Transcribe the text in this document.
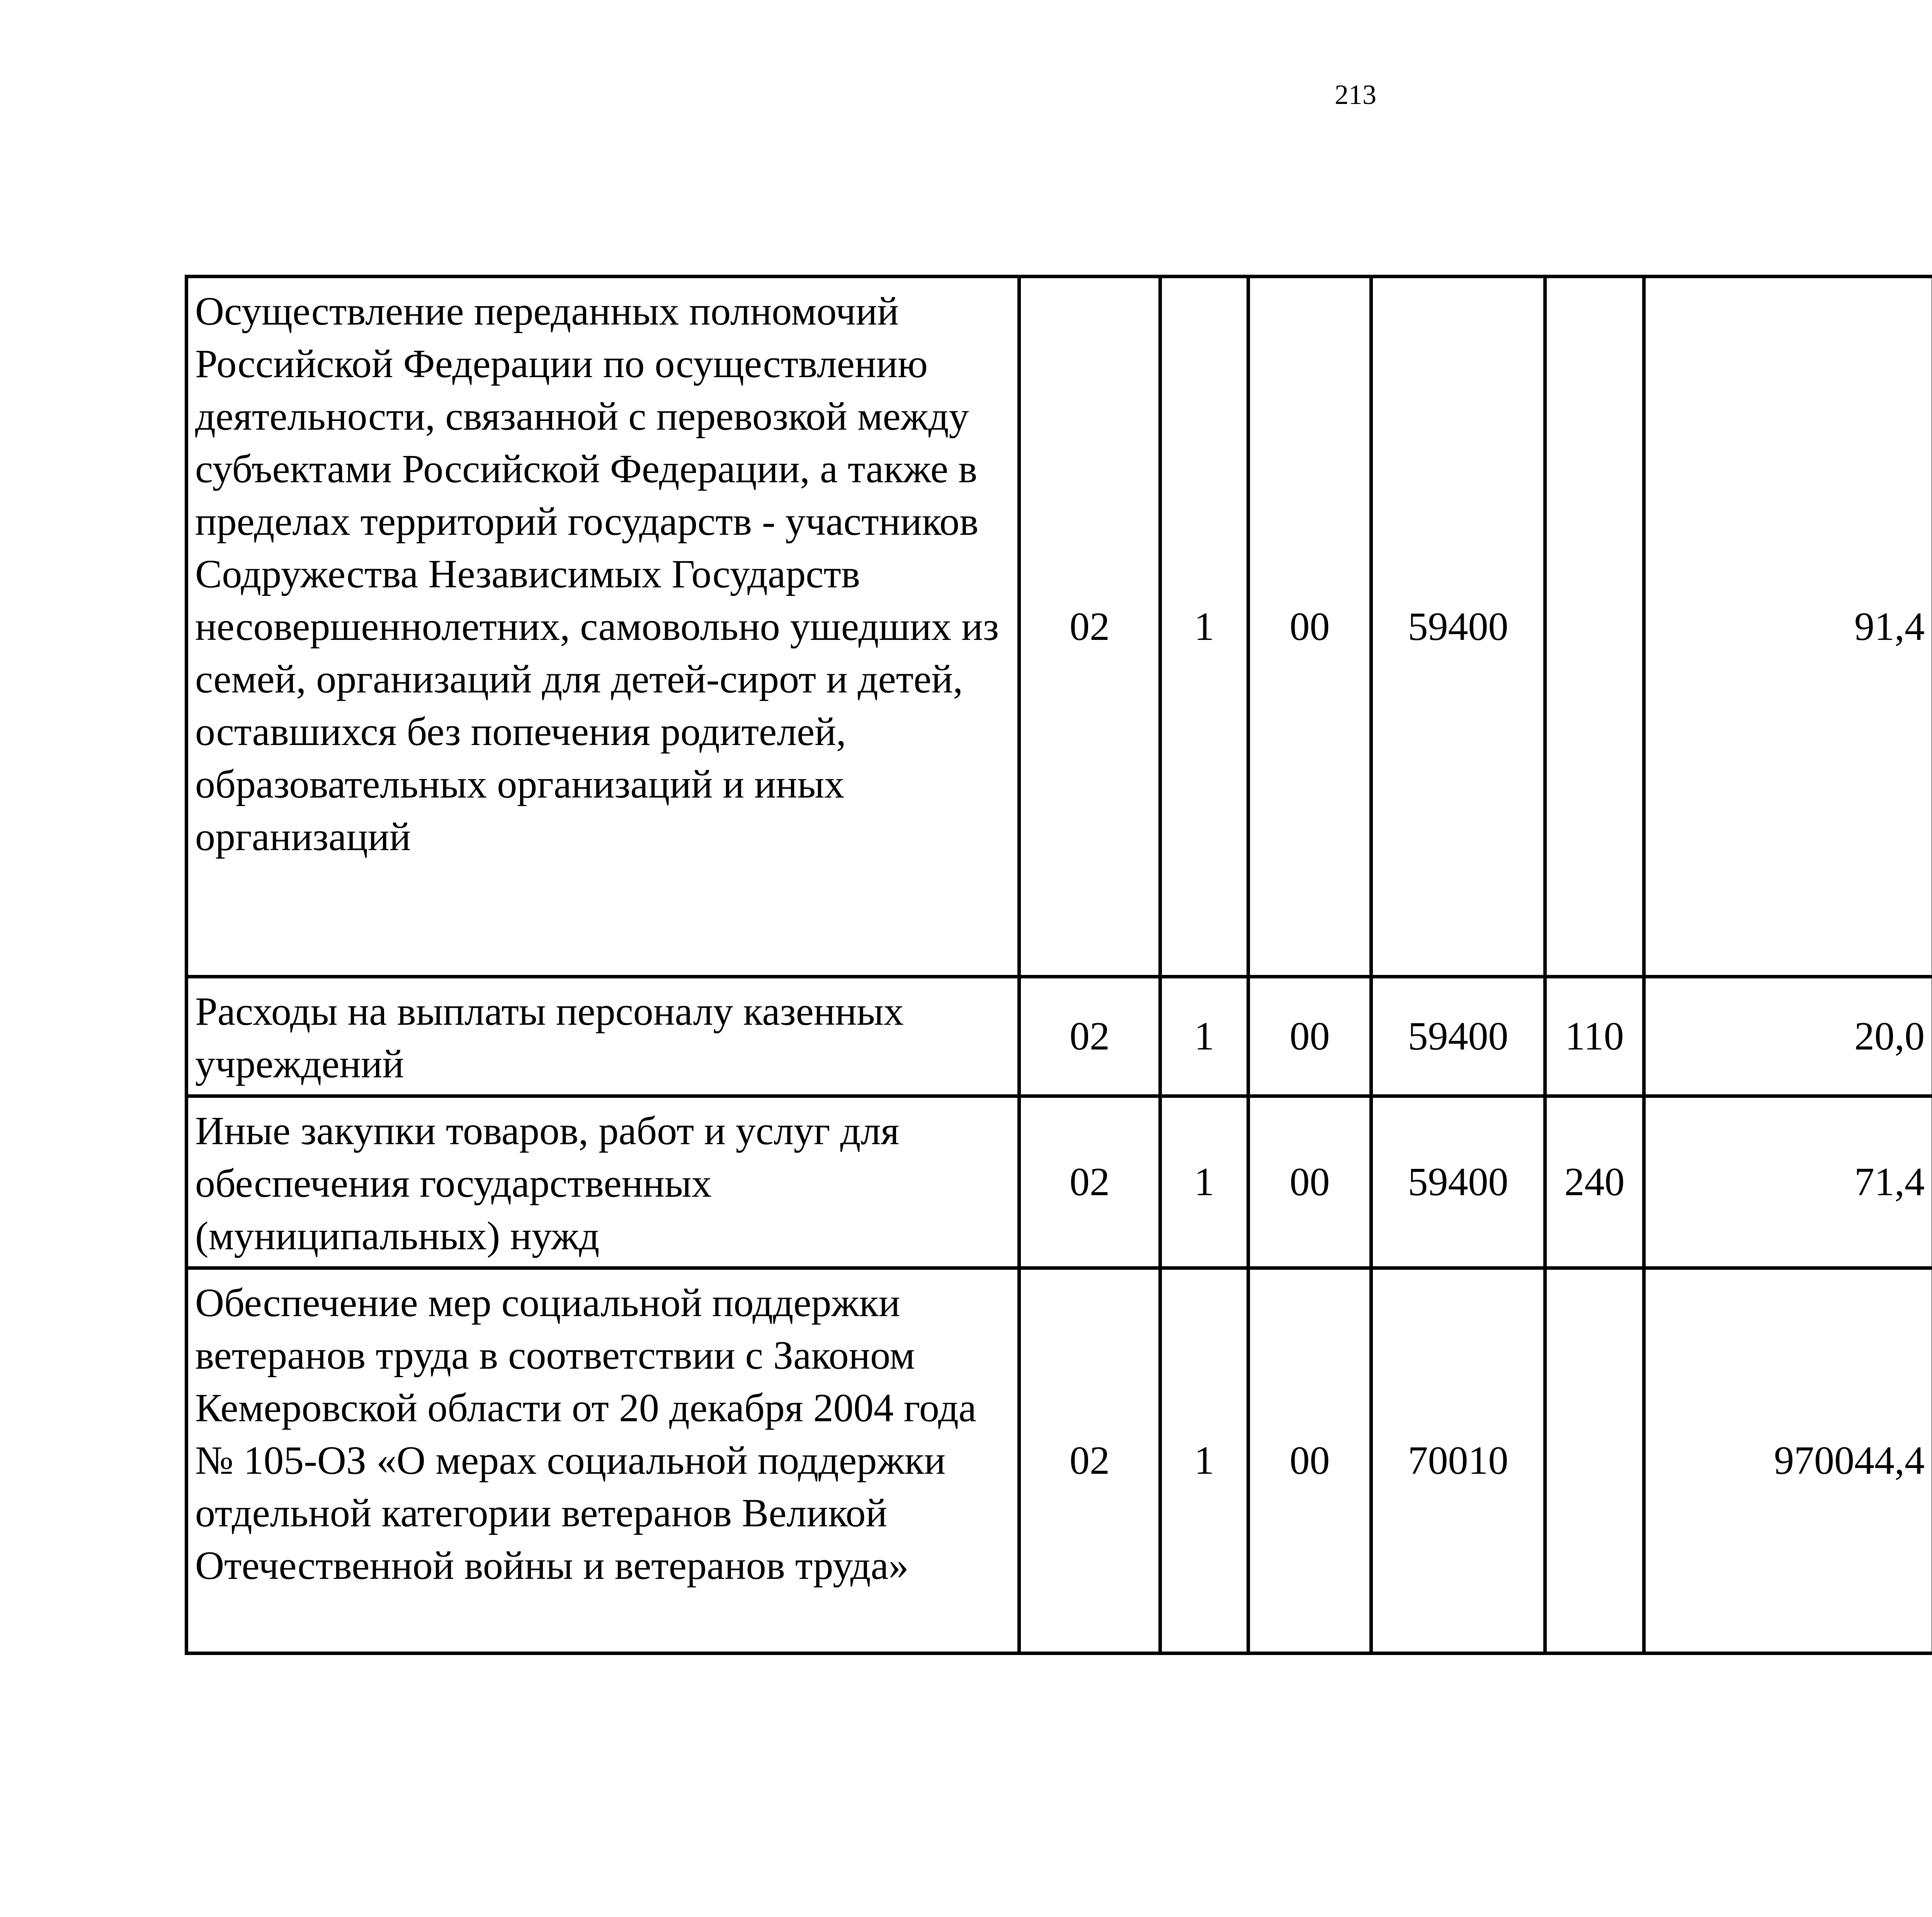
213
Осуществление переданных полномочий Российской Федерации по осуществлению деятельности, связанной с перевозкой между субъектами Российской Федерации, а также в пределах территорий государств - участников Содружества Независимых Государств несовершеннолетних, самовольно ушедших из семей, организаций для детей-сирот и детей, оставшихся без попечения родителей, образовательных организаций и иных организаций	02	1	00	59400		91,4		
Расходы на выплаты персоналу казенных учреждений	02	1	00	59400	110	20,0		
Иные закупки товаров, работ и услуг для обеспечения государственных (муниципальных) нужд	02	1	00	59400	240	71,4		
Обеспечение мер социальной поддержки ветеранов труда в соответствии с Законом Кемеровской области от 20 декабря 2004 года № 105-ОЗ «О мерах социальной поддержки отдельной категории ветеранов Великой Отечественной войны и ветеранов труда»	02	1	00	70010		970044,4		
